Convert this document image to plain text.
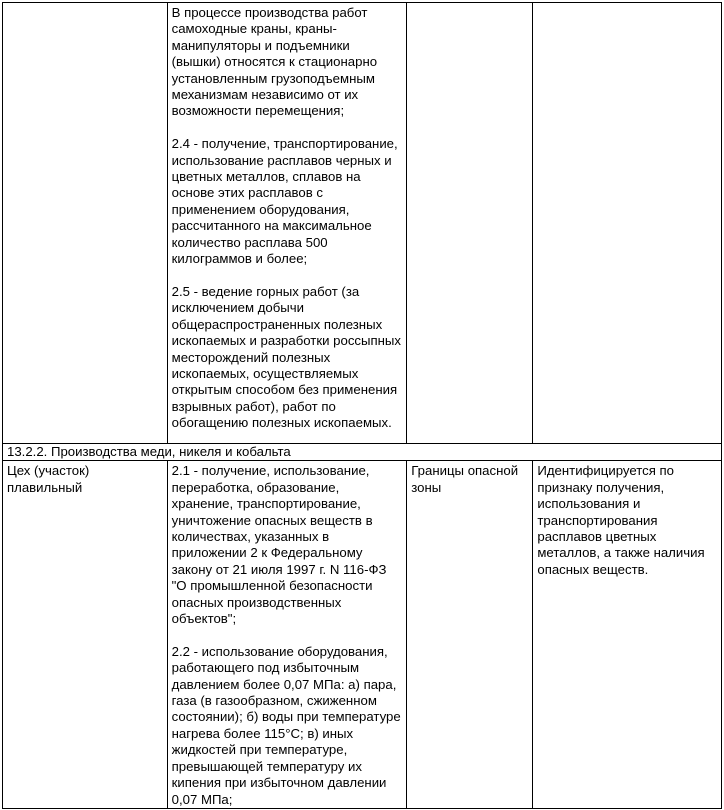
	В процессе производства работ самоходные краны, краны-манипуляторы и подъемники (вышки) относятся к стационарно установленным грузоподъемным механизмам независимо от их возможности перемещения;

2.4 - получение, транспортирование, использование расплавов черных и цветных металлов, сплавов на основе этих расплавов с применением оборудования, рассчитанного на максимальное количество расплава 500 килограммов и более;

2.5 - ведение горных работ (за исключением добычи общераспространенных полезных ископаемых и разработки россыпных месторождений полезных ископаемых, осуществляемых открытым способом без применения взрывных работ), работ по обогащению полезных ископаемых.		

13.2.2. Производства меди, никеля и кобальта			
Цех (участок) плавильный	2.1 - получение, использование, переработка, образование, хранение, транспортирование, уничтожение опасных веществ в количествах, указанных в приложении 2 к Федеральному закону от 21 июля 1997 г. N 116-ФЗ "О промышленной безопасности опасных производственных объектов";

2.2 - использование оборудования, работающего под избыточным давлением более 0,07 МПа: а) пара, газа (в газообразном, сжиженном состоянии); б) воды при температуре нагрева более 115°С; в) иных жидкостей при температуре, превышающей температуру их кипения при избыточном давлении 0,07 МПа;	Границы опасной зоны	Идентифицируется по признаку получения, использования и транспортирования расплавов цветных металлов, а также наличия опасных веществ.
